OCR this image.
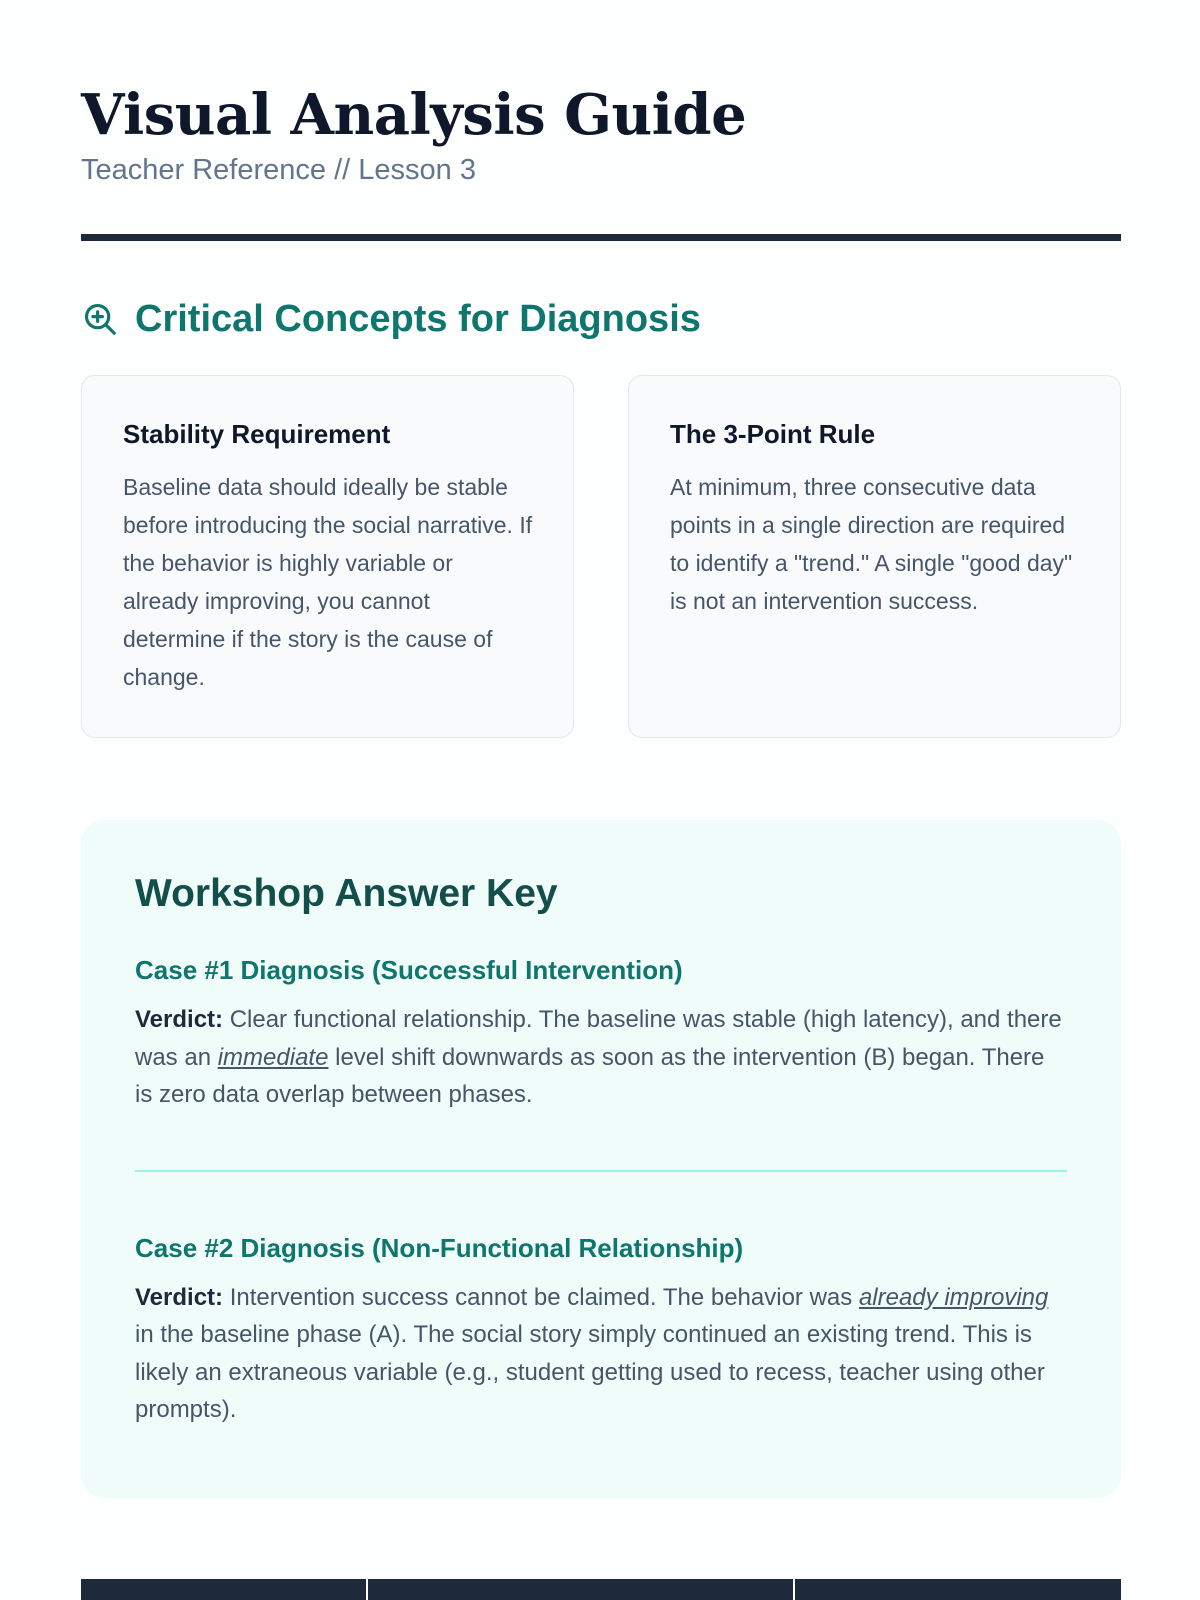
Visual Analysis Guide
Teacher Reference // Lesson 3
Critical Concepts for Diagnosis
Stability Requirement

Baseline data should ideally be stable before introducing the social narrative. If the behavior is highly variable or already improving, you cannot determine if the story is the cause of change.

The 3-Point Rule

At minimum, three consecutive data points in a single direction are required to identify a "trend." A single "good day" is not an intervention success.

Workshop Answer Key
Case #1 Diagnosis (Successful Intervention)

Verdict: Clear functional relationship. The baseline was stable (high latency), and there was an immediate level shift downwards as soon as the intervention (B) began. There is zero data overlap between phases.

Case #2 Diagnosis (Non-Functional Relationship)

Verdict: Intervention success cannot be claimed. The behavior was already improving in the baseline phase (A). The social story simply continued an existing trend. This is likely an extraneous variable (e.g., student getting used to recess, teacher using other prompts).
